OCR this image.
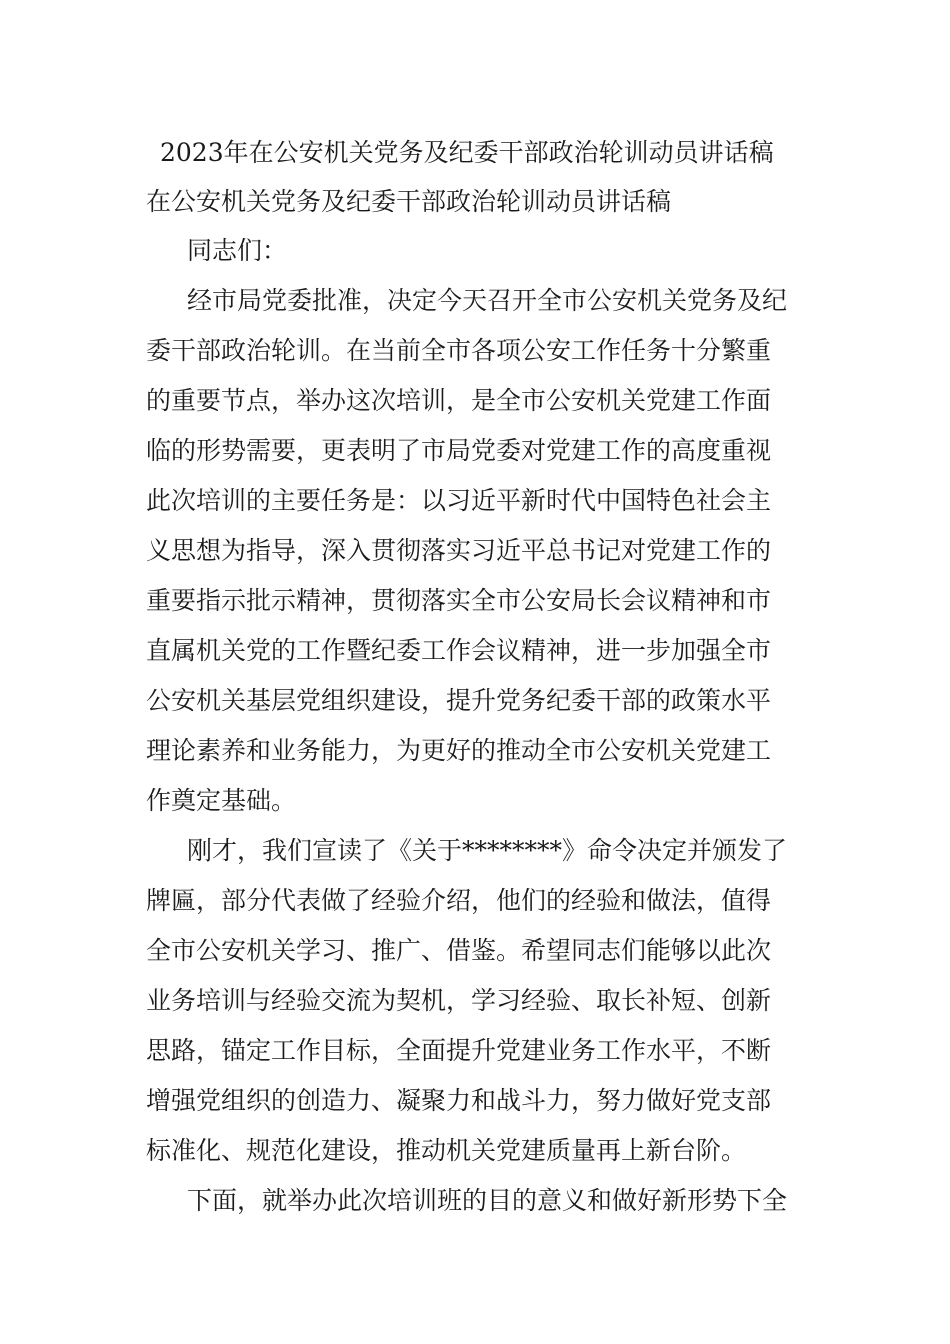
2023年在公安机关党务及纪委干部政治轮训动员讲话稿
在公安机关党务及纪委干部政治轮训动员讲话稿

同志们：

经市局党委批准，决定今天召开全市公安机关党务及纪

委干部政治轮训。在当前全市各项公安工作任务十分繁重

的重要节点，举办这次培训，是全市公安机关党建工作面

临的形势需要，更表明了市局党委对党建工作的高度重视

此次培训的主要任务是：以习近平新时代中国特色社会主

义思想为指导，深入贯彻落实习近平总书记对党建工作的

重要指示批示精神，贯彻落实全市公安局长会议精神和市

直属机关党的工作暨纪委工作会议精神，进一步加强全市

公安机关基层党组织建设，提升党务纪委干部的政策水平

理论素养和业务能力，为更好的推动全市公安机关党建工

作奠定基础。

刚才，我们宣读了《关于********》命令决定并颁发了

牌匾，部分代表做了经验介绍，他们的经验和做法，值得

全市公安机关学习、推广、借鉴。希望同志们能够以此次

业务培训与经验交流为契机，学习经验、取长补短、创新

思路，锚定工作目标，全面提升党建业务工作水平，不断

增强党组织的创造力、凝聚力和战斗力，努力做好党支部

标准化、规范化建设，推动机关党建质量再上新台阶。

下面，就举办此次培训班的目的意义和做好新形势下全
